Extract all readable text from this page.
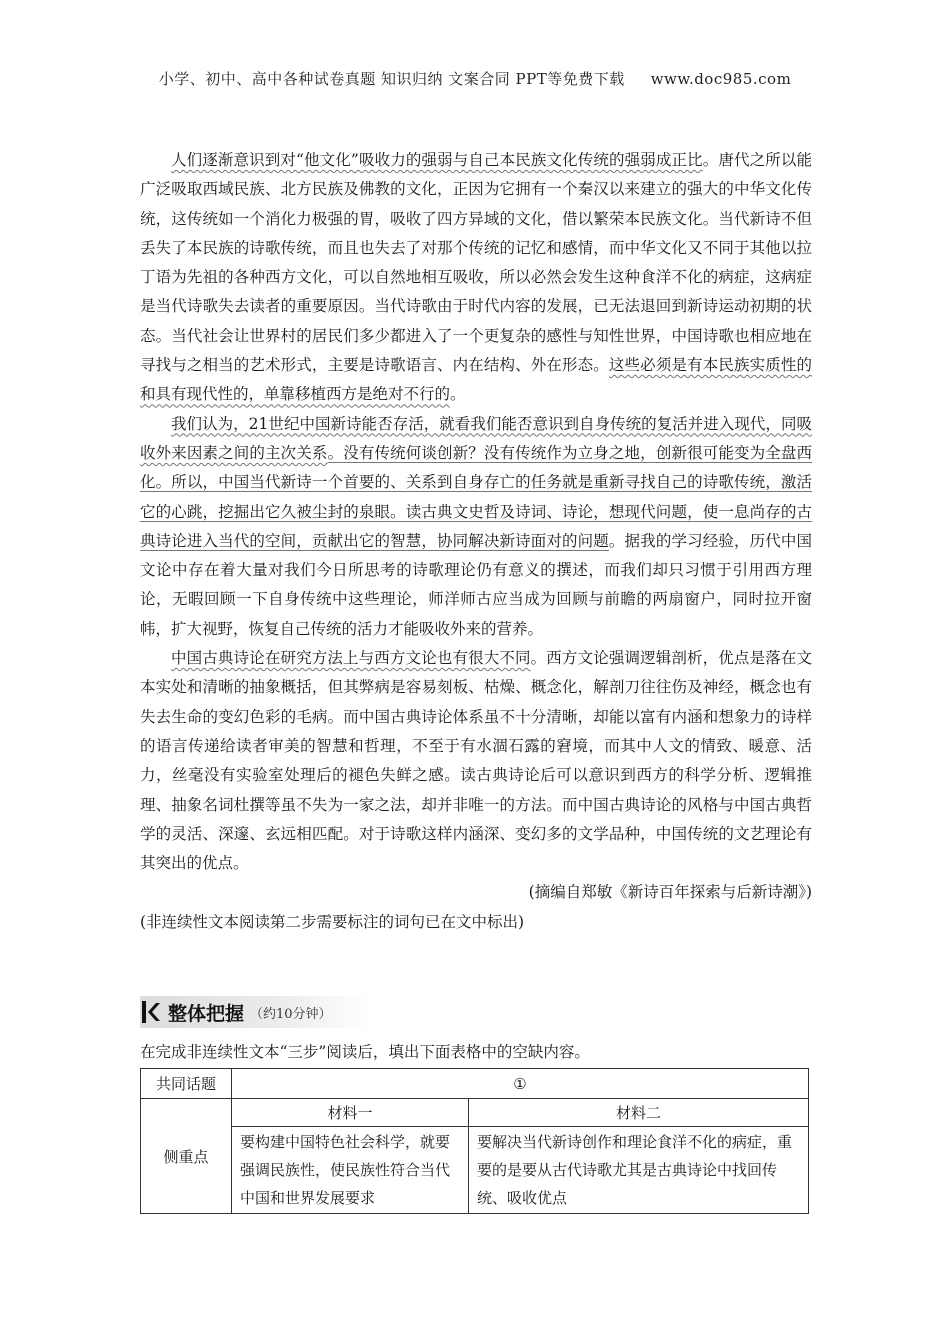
小学、初中、高中各种试卷真题 知识归纳 文案合同 PPT等免费下载 www.doc985.com

人们逐渐意识到对“他文化”吸收力的强弱与自己本民族文化传统的强弱成正比。唐代之所以能广泛吸取西域民族、北方民族及佛教的文化，正因为它拥有一个秦汉以来建立的强大的中华文化传统，这传统如一个消化力极强的胃，吸收了四方异域的文化，借以繁荣本民族文化。当代新诗不但丢失了本民族的诗歌传统，而且也失去了对那个传统的记忆和感情，而中华文化又不同于其他以拉丁语为先祖的各种西方文化，可以自然地相互吸收，所以必然会发生这种食洋不化的病症，这病症是当代诗歌失去读者的重要原因。当代诗歌由于时代内容的发展，已无法退回到新诗运动初期的状态。当代社会让世界村的居民们多少都进入了一个更复杂的感性与知性世界，中国诗歌也相应地在寻找与之相当的艺术形式，主要是诗歌语言、内在结构、外在形态。这些必须是有本民族实质性的和具有现代性的，单靠移植西方是绝对不行的。

我们认为，21世纪中国新诗能否存活，就看我们能否意识到自身传统的复活并进入现代，同吸收外来因素之间的主次关系。没有传统何谈创新？没有传统作为立身之地，创新很可能变为全盘西化。所以，中国当代新诗一个首要的、关系到自身存亡的任务就是重新寻找自己的诗歌传统，激活它的心跳，挖掘出它久被尘封的泉眼。读古典文史哲及诗词、诗论，想现代问题，使一息尚存的古典诗论进入当代的空间，贡献出它的智慧，协同解决新诗面对的问题。据我的学习经验，历代中国文论中存在着大量对我们今日所思考的诗歌理论仍有意义的撰述，而我们却只习惯于引用西方理论，无暇回顾一下自身传统中这些理论，师洋师古应当成为回顾与前瞻的两扇窗户，同时拉开窗帏，扩大视野，恢复自己传统的活力才能吸收外来的营养。

中国古典诗论在研究方法上与西方文论也有很大不同。西方文论强调逻辑剖析，优点是落在文本实处和清晰的抽象概括，但其弊病是容易刻板、枯燥、概念化，解剖刀往往伤及神经，概念也有失去生命的变幻色彩的毛病。而中国古典诗论体系虽不十分清晰，却能以富有内涵和想象力的诗样的语言传递给读者审美的智慧和哲理，不至于有水涸石露的窘境，而其中人文的情致、暖意、活力，丝毫没有实验室处理后的褪色失鲜之感。读古典诗论后可以意识到西方的科学分析、逻辑推理、抽象名词杜撰等虽不失为一家之法，却并非唯一的方法。而中国古典诗论的风格与中国古典哲学的灵活、深邃、玄远相匹配。对于诗歌这样内涵深、变幻多的文学品种，中国传统的文艺理论有其突出的优点。

(摘编自郑敏《新诗百年探索与后新诗潮》)

(非连续性文本阅读第二步需要标注的词句已在文中标出)

整体把握 （约10分钟）
在完成非连续性文本“三步”阅读后，填出下面表格中的空缺内容。
共同话题	①	
侧重点	材料一	材料二
	要构建中国特色社会科学，就要强调民族性，使民族性符合当代中国和世界发展要求	要解决当代新诗创作和理论食洋不化的病症，重要的是要从古代诗歌尤其是古典诗论中找回传统、吸收优点
